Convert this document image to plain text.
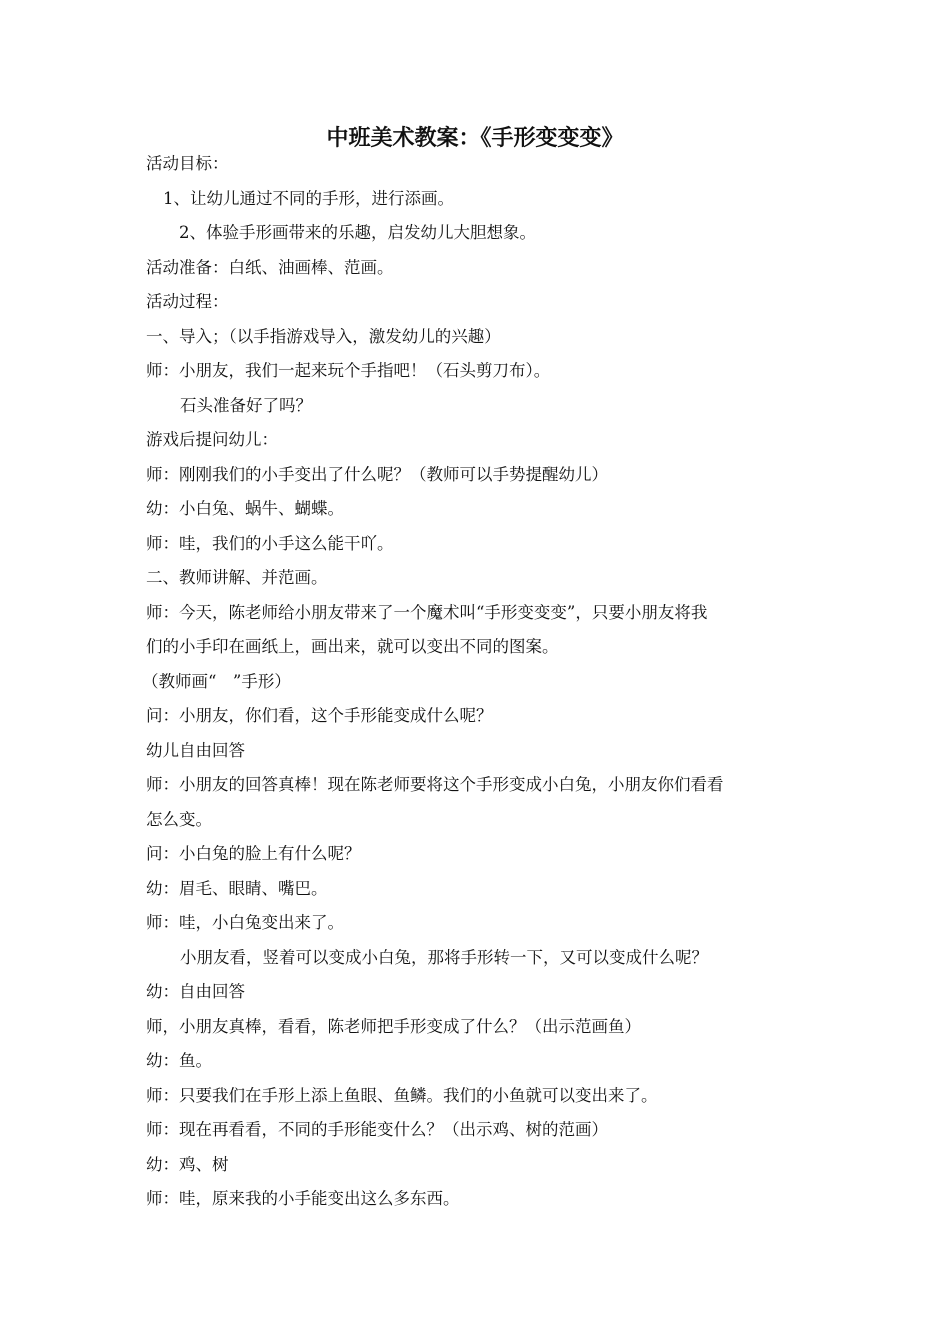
中班美术教案：《手形变变变》
活动目标：
1、让幼儿通过不同的手形，进行添画。
2、体验手形画带来的乐趣，启发幼儿大胆想象。
活动准备：白纸、油画棒、范画。
活动过程：
一、导入；（以手指游戏导入，激发幼儿的兴趣）
师：小朋友，我们一起来玩个手指吧！（石头剪刀布）。
石头准备好了吗？
游戏后提问幼儿：
师：刚刚我们的小手变出了什么呢？（教师可以手势提醒幼儿）
幼：小白兔、蜗牛、蝴蝶。
师：哇，我们的小手这么能干吖。
二、教师讲解、并范画。
师：今天，陈老师给小朋友带来了一个魔术叫“手形变变变”，只要小朋友将我
们的小手印在画纸上，画出来，就可以变出不同的图案。
（教师画“　”手形）
问：小朋友，你们看，这个手形能变成什么呢？
幼儿自由回答
师：小朋友的回答真棒！现在陈老师要将这个手形变成小白兔，小朋友你们看看
怎么变。
问：小白兔的脸上有什么呢？
幼：眉毛、眼睛、嘴巴。
师：哇，小白兔变出来了。
小朋友看，竖着可以变成小白兔，那将手形转一下，又可以变成什么呢？
幼：自由回答
师，小朋友真棒，看看，陈老师把手形变成了什么？（出示范画鱼）
幼：鱼。
师：只要我们在手形上添上鱼眼、鱼鳞。我们的小鱼就可以变出来了。
师：现在再看看，不同的手形能变什么？（出示鸡、树的范画）
幼：鸡、树
师：哇，原来我的小手能变出这么多东西。
